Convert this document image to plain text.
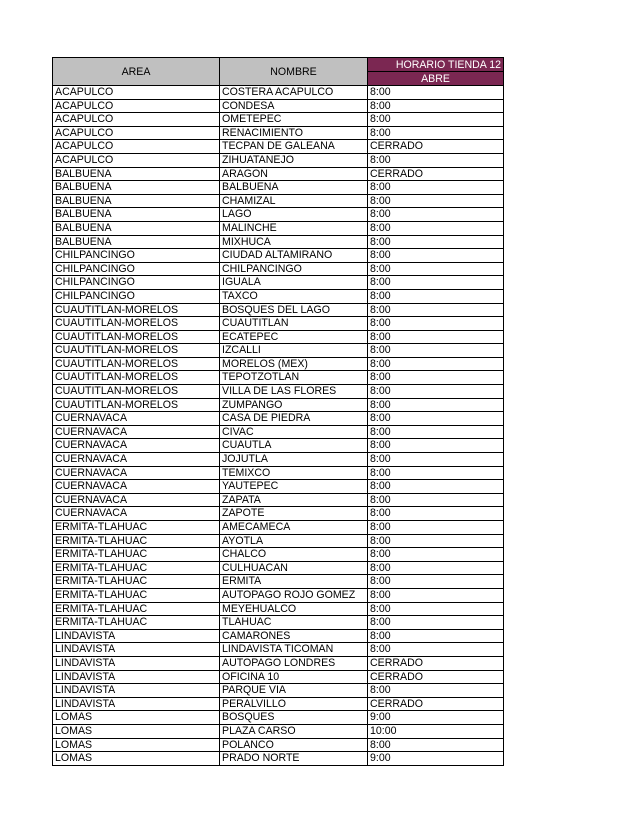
AREA	NOMBRE	HORARIO TIENDA 12
		ABRE
ACAPULCO	COSTERA ACAPULCO	8:00
ACAPULCO	CONDESA	8:00
ACAPULCO	OMETEPEC	8:00
ACAPULCO	RENACIMIENTO	8:00
ACAPULCO	TECPAN DE GALEANA	CERRADO
ACAPULCO	ZIHUATANEJO	8:00
BALBUENA	ARAGON	CERRADO
BALBUENA	BALBUENA	8:00
BALBUENA	CHAMIZAL	8:00
BALBUENA	LAGO	8:00
BALBUENA	MALINCHE	8:00
BALBUENA	MIXHUCA	8:00
CHILPANCINGO	CIUDAD ALTAMIRANO	8:00
CHILPANCINGO	CHILPANCINGO	8:00
CHILPANCINGO	IGUALA	8:00
CHILPANCINGO	TAXCO	8:00
CUAUTITLAN-MORELOS	BOSQUES DEL LAGO	8:00
CUAUTITLAN-MORELOS	CUAUTITLAN	8:00
CUAUTITLAN-MORELOS	ECATEPEC	8:00
CUAUTITLAN-MORELOS	IZCALLI	8:00
CUAUTITLAN-MORELOS	MORELOS (MEX)	8:00
CUAUTITLAN-MORELOS	TEPOTZOTLAN	8:00
CUAUTITLAN-MORELOS	VILLA DE LAS FLORES	8:00
CUAUTITLAN-MORELOS	ZUMPANGO	8:00
CUERNAVACA	CASA DE PIEDRA	8:00
CUERNAVACA	CIVAC	8:00
CUERNAVACA	CUAUTLA	8:00
CUERNAVACA	JOJUTLA	8:00
CUERNAVACA	TEMIXCO	8:00
CUERNAVACA	YAUTEPEC	8:00
CUERNAVACA	ZAPATA	8:00
CUERNAVACA	ZAPOTE	8:00
ERMITA-TLAHUAC	AMECAMECA	8:00
ERMITA-TLAHUAC	AYOTLA	8:00
ERMITA-TLAHUAC	CHALCO	8:00
ERMITA-TLAHUAC	CULHUACAN	8:00
ERMITA-TLAHUAC	ERMITA	8:00
ERMITA-TLAHUAC	AUTOPAGO ROJO GOMEZ	8:00
ERMITA-TLAHUAC	MEYEHUALCO	8:00
ERMITA-TLAHUAC	TLAHUAC	8:00
LINDAVISTA	CAMARONES	8:00
LINDAVISTA	LINDAVISTA TICOMAN	8:00
LINDAVISTA	AUTOPAGO LONDRES	CERRADO
LINDAVISTA	OFICINA 10	CERRADO
LINDAVISTA	PARQUE VIA	8:00
LINDAVISTA	PERALVILLO	CERRADO
LOMAS	BOSQUES	9:00
LOMAS	PLAZA CARSO	10:00
LOMAS	POLANCO	8:00
LOMAS	PRADO NORTE	9:00
